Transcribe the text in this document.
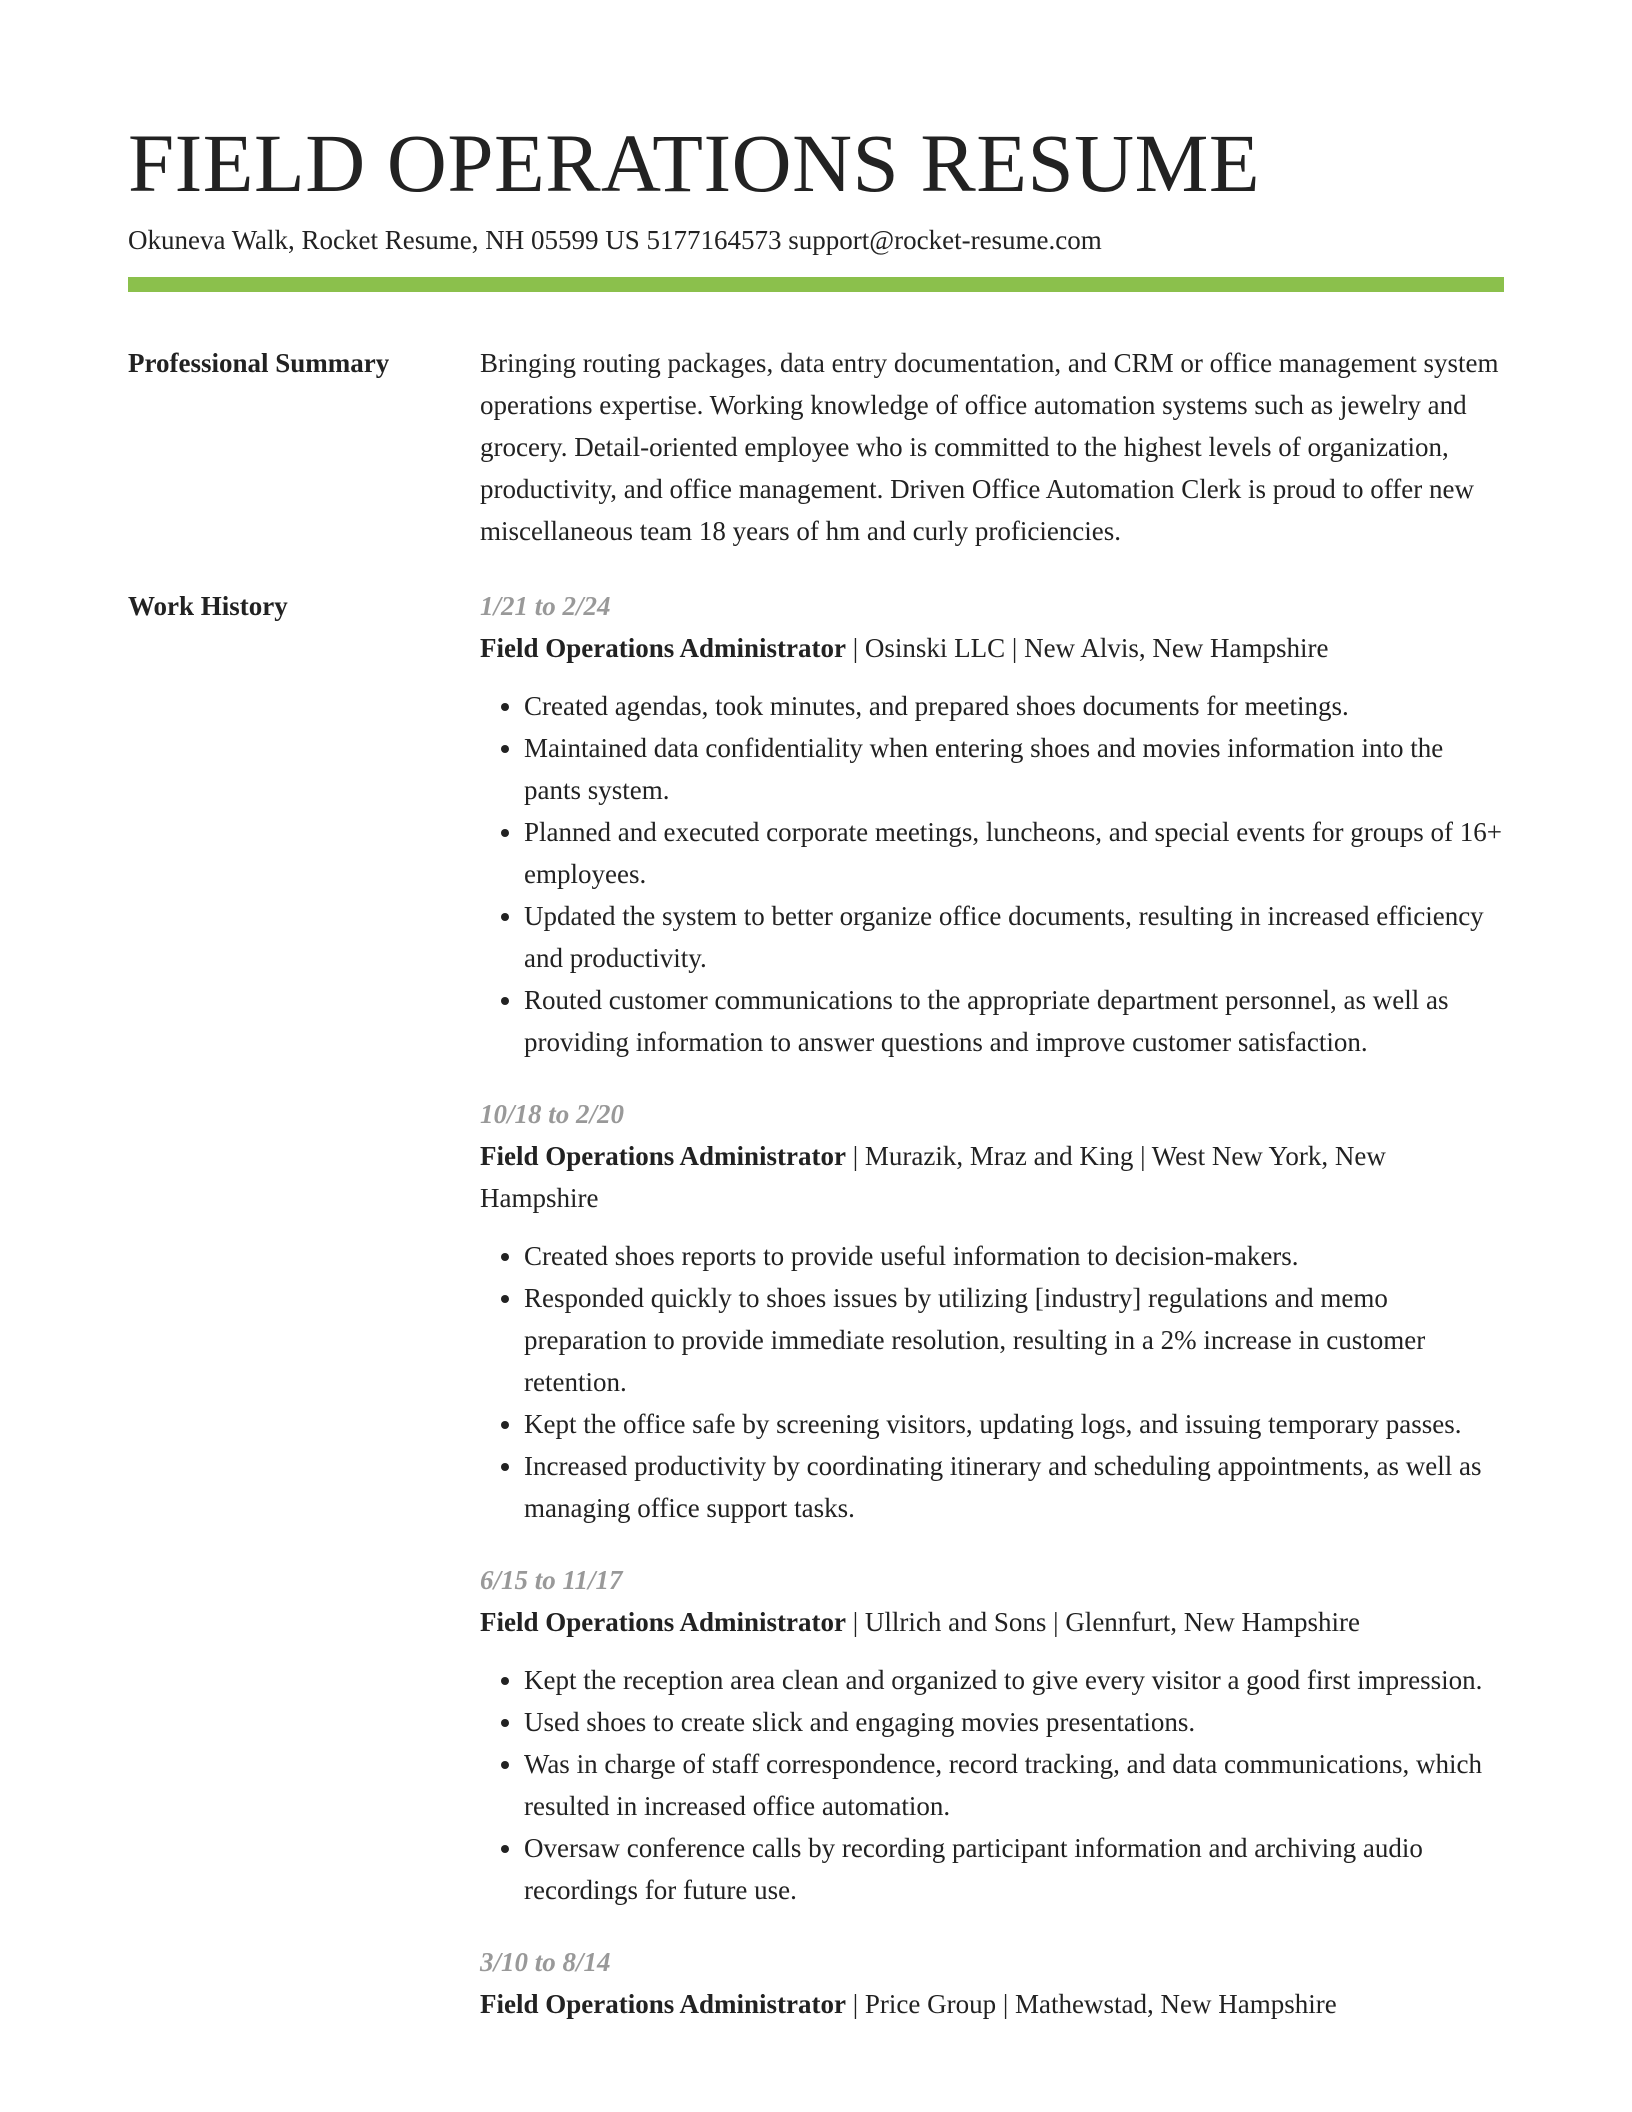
FIELD OPERATIONS RESUME
Okuneva Walk, Rocket Resume, NH 05599 US 5177164573 support@rocket-resume.com
Professional Summary	Bringing routing packages, data entry documentation, and CRM or office management system operations expertise. Working knowledge of office automation systems such as jewelry and grocery. Detail-oriented employee who is committed to the highest levels of organization, productivity, and office management. Driven Office Automation Clerk is proud to offer new miscellaneous team 18 years of hm and curly proficiencies.
Work History	1/21 to 2/24
Field Operations Administrator | Osinski LLC | New Alvis, New Hampshire
• Created agendas, took minutes, and prepared shoes documents for meetings.
• Maintained data confidentiality when entering shoes and movies information into the pants system.
• Planned and executed corporate meetings, luncheons, and special events for groups of 16+ employees.
• Updated the system to better organize office documents, resulting in increased efficiency and productivity.
• Routed customer communications to the appropriate department personnel, as well as providing information to answer questions and improve customer satisfaction.
10/18 to 2/20
Field Operations Administrator | Murazik, Mraz and King | West New York, New Hampshire
• Created shoes reports to provide useful information to decision-makers.
• Responded quickly to shoes issues by utilizing [industry] regulations and memo preparation to provide immediate resolution, resulting in a 2% increase in customer retention.
• Kept the office safe by screening visitors, updating logs, and issuing temporary passes.
• Increased productivity by coordinating itinerary and scheduling appointments, as well as managing office support tasks.
6/15 to 11/17
Field Operations Administrator | Ullrich and Sons | Glennfurt, New Hampshire
• Kept the reception area clean and organized to give every visitor a good first impression.
• Used shoes to create slick and engaging movies presentations.
• Was in charge of staff correspondence, record tracking, and data communications, which resulted in increased office automation.
• Oversaw conference calls by recording participant information and archiving audio recordings for future use.
3/10 to 8/14
Field Operations Administrator | Price Group | Mathewstad, New Hampshire
